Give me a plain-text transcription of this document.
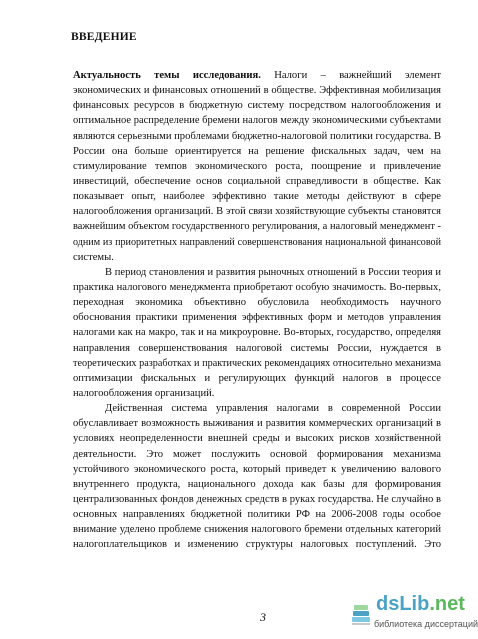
ВВЕДЕНИЕ
Актуальность темы исследования. Налоги – важнейший элемент
экономических и финансовых отношений в обществе. Эффективная мобилизация
финансовых ресурсов в бюджетную систему посредством налогообложения и
оптимальное распределение бремени налогов между экономическими субъектами
являются серьезными проблемами бюджетно-налоговой политики государства. В
России она больше ориентируется на решение фискальных задач, чем на
стимулирование темпов экономического роста, поощрение и привлечение
инвестиций, обеспечение основ социальной справедливости в обществе. Как
показывает опыт, наиболее эффективно такие методы действуют в сфере
налогообложения организаций. В этой связи хозяйствующие субъекты становятся
важнейшим объектом государственного регулирования, а налоговый менеджмент -
одним из приоритетных направлений совершенствования национальной финансовой
системы.
В период становления и развития рыночных отношений в России теория и
практика налогового менеджмента приобретают особую значимость. Во-первых,
переходная экономика объективно обусловила необходимость научного
обоснования практики применения эффективных форм и методов управления
налогами как на макро, так и на микроуровне. Во-вторых, государство, определяя
направления совершенствования налоговой системы России, нуждается в
теоретических разработках и практических рекомендациях относительно механизма
оптимизации фискальных и регулирующих функций налогов в процессе
налогообложения организаций.
Действенная система управления налогами в современной России
обуславливает возможность выживания и развития коммерческих организаций в
условиях неопределенности внешней среды и высоких рисков хозяйственной
деятельности. Это может послужить основой формирования механизма
устойчивого экономического роста, который приведет к увеличению валового
внутреннего продукта, национального дохода как базы для формирования
централизованных фондов денежных средств в руках государства. Не случайно в
основных направлениях бюджетной политики РФ на 2006-2008 годы особое
внимание уделено проблеме снижения налогового бремени отдельных категорий
налогоплательщиков и изменению структуры налоговых поступлений. Это
3
dsLib.net
библиотека диссертаций
